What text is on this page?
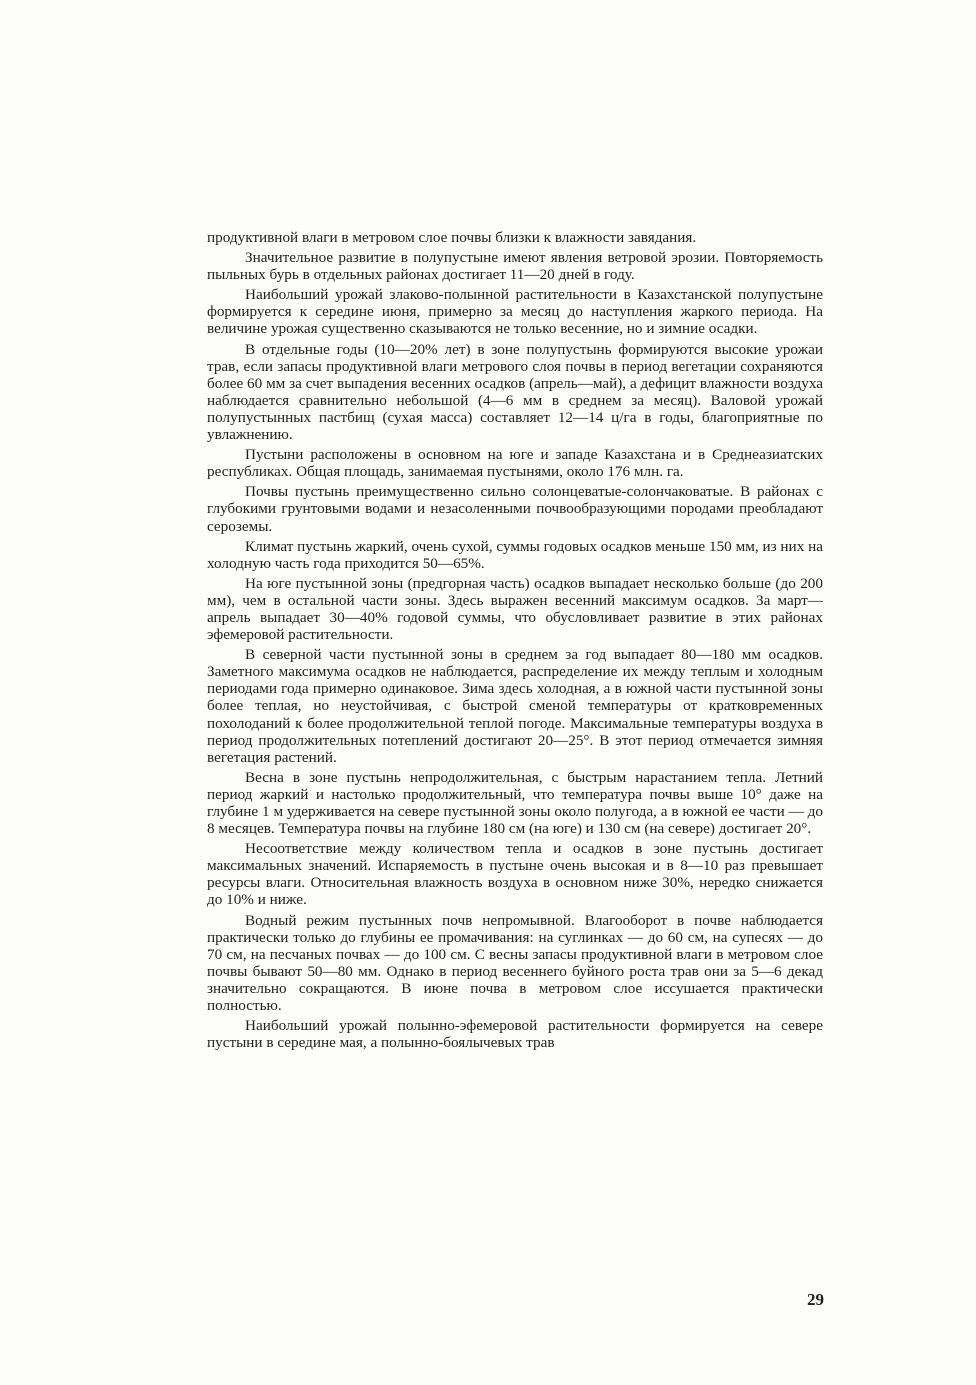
продуктивной влаги в метровом слое почвы близки к влажности завядания.

Значительное развитие в полупустыне имеют явления ветровой эрозии. Повторяемость пыльных бурь в отдельных районах достигает 11—20 дней в году.

Наибольший урожай злаково-полынной растительности в Казахстанской полупустыне формируется к середине июня, примерно за месяц до наступления жаркого периода. На величине урожая существенно сказываются не только весенние, но и зимние осадки.

В отдельные годы (10—20% лет) в зоне полупустынь формируются высокие урожаи трав, если запасы продуктивной влаги метрового слоя почвы в период вегетации сохраняются более 60 мм за счет выпадения весенних осадков (апрель—май), а дефицит влажности воздуха наблюдается сравнительно небольшой (4—6 мм в среднем за месяц). Валовой урожай полупустынных пастбищ (сухая масса) составляет 12—14 ц/га в годы, благоприятные по увлажнению.

Пустыни расположены в основном на юге и западе Казахстана и в Среднеазиатских республиках. Общая площадь, занимаемая пустынями, около 176 млн. га.

Почвы пустынь преимущественно сильно солонцеватые-солончаковатые. В районах с глубокими грунтовыми водами и незасоленными почвообразующими породами преобладают сероземы.

Климат пустынь жаркий, очень сухой, суммы годовых осадков меньше 150 мм, из них на холодную часть года приходится 50—65%.

На юге пустынной зоны (предгорная часть) осадков выпадает несколько больше (до 200 мм), чем в остальной части зоны. Здесь выражен весенний максимум осадков. За март—апрель выпадает 30—40% годовой суммы, что обусловливает развитие в этих районах эфемеровой растительности.

В северной части пустынной зоны в среднем за год выпадает 80—180 мм осадков. Заметного максимума осадков не наблюдается, распределение их между теплым и холодным периодами года примерно одинаковое. Зима здесь холодная, а в южной части пустынной зоны более теплая, но неустойчивая, с быстрой сменой температуры от кратковременных похолоданий к более продолжительной теплой погоде. Максимальные температуры воздуха в период продолжительных потеплений достигают 20—25°. В этот период отмечается зимняя вегетация растений.

Весна в зоне пустынь непродолжительная, с быстрым нарастанием тепла. Летний период жаркий и настолько продолжительный, что температура почвы выше 10° даже на глубине 1 м удерживается на севере пустынной зоны около полугода, а в южной ее части — до 8 месяцев. Температура почвы на глубине 180 см (на юге) и 130 см (на севере) достигает 20°.

Несоответствие между количеством тепла и осадков в зоне пустынь достигает максимальных значений. Испаряемость в пустыне очень высокая и в 8—10 раз превышает ресурсы влаги. Относительная влажность воздуха в основном ниже 30%, нередко снижается до 10% и ниже.

Водный режим пустынных почв непромывной. Влагооборот в почве наблюдается практически только до глубины ее промачивания: на суглинках — до 60 см, на супесях — до 70 см, на песчаных почвах — до 100 см. С весны запасы продуктивной влаги в метровом слое почвы бывают 50—80 мм. Однако в период весеннего буйного роста трав они за 5—6 декад значительно сокращаются. В июне почва в метровом слое иссушается практически полностью.

Наибольший урожай полынно-эфемеровой растительности формируется на севере пустыни в середине мая, а полынно-боялычевых трав

29
